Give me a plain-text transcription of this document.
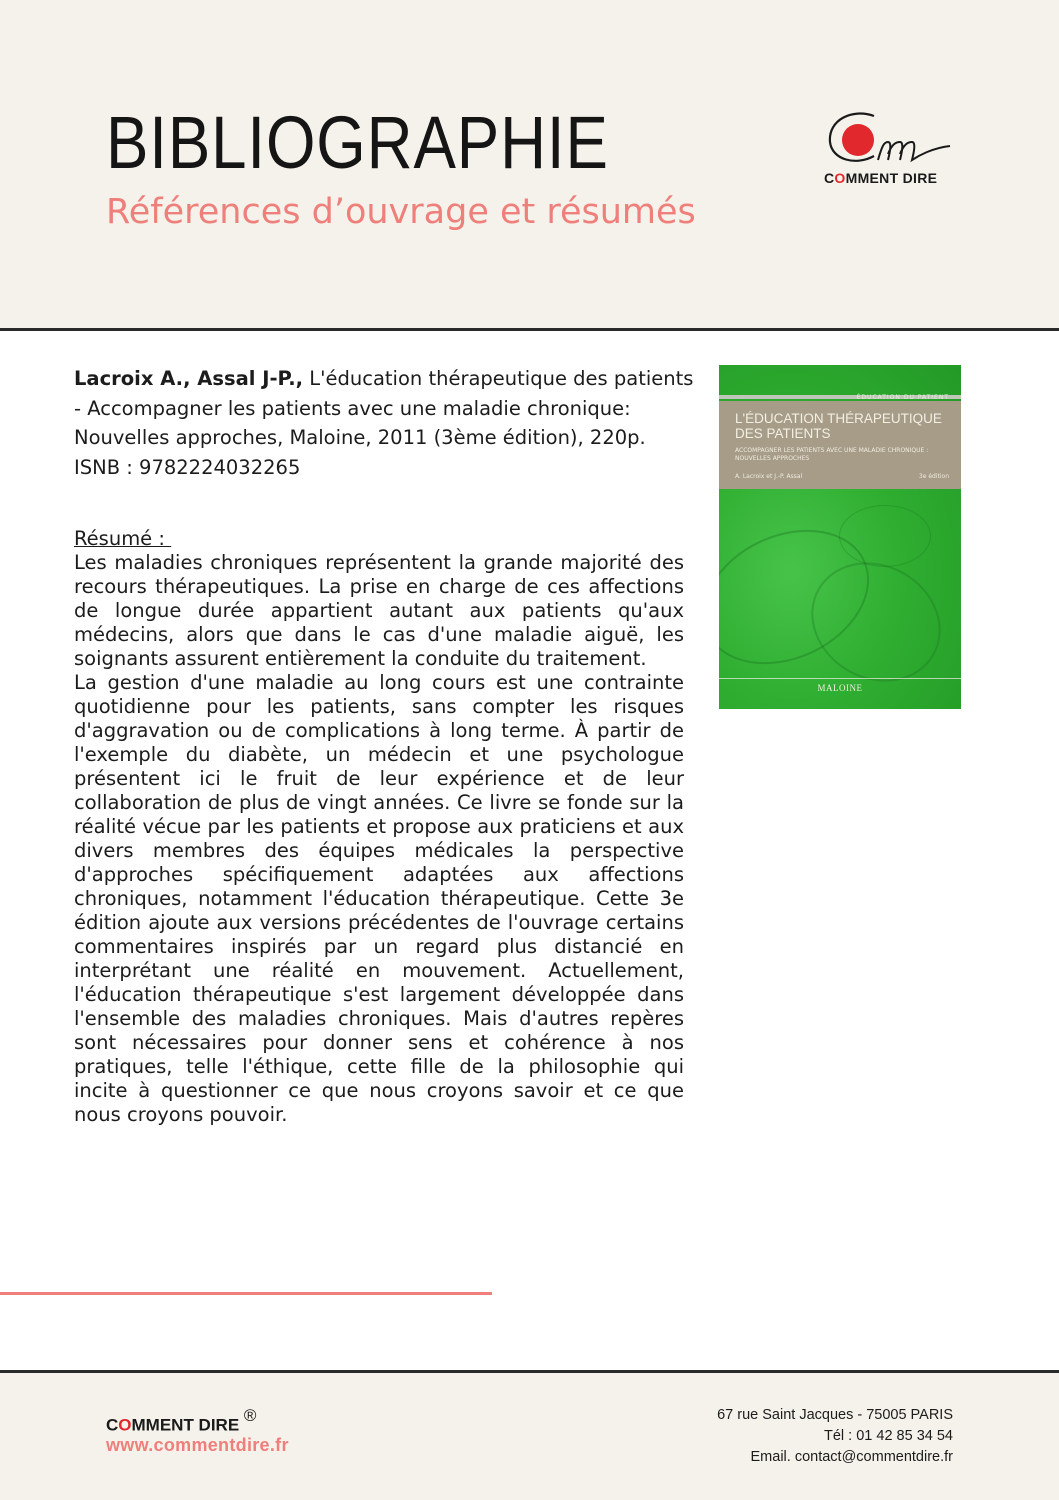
BIBLIOGRAPHIE
Références d’ouvrage et résumés
COMMENT DIRE
Lacroix A., Assal J-P., L'éducation thérapeutique des patients
- Accompagner les patients avec une maladie chronique:
Nouvelles approches, Maloine, 2011 (3ème édition), 220p.
ISNB : 9782224032265
Résumé :

Les maladies chroniques représentent la grande majorité des recours thérapeutiques. La prise en charge de ces affections de longue durée appartient autant aux patients qu'aux médecins, alors que dans le cas d'une maladie aiguë, les soignants assurent entièrement la conduite du traitement.

La gestion d'une maladie au long cours est une contrainte quotidienne pour les patients, sans compter les risques d'aggravation ou de complications à long terme. À partir de l'exemple du diabète, un médecin et une psychologue présentent ici le fruit de leur expérience et de leur collaboration de plus de vingt années. Ce livre se fonde sur la réalité vécue par les patients et propose aux praticiens et aux divers membres des équipes médicales la perspective d'approches spécifiquement adaptées aux affections chroniques, notamment l'éducation thérapeutique. Cette 3e édition ajoute aux versions précédentes de l'ouvrage certains commentaires inspirés par un regard plus distancié en interprétant une réalité en mouvement. Actuellement, l'éducation thérapeutique s'est largement développée dans l'ensemble des maladies chroniques. Mais d'autres repères sont nécessaires pour donner sens et cohérence à nos pratiques, telle l'éthique, cette fille de la philosophie qui incite à questionner ce que nous croyons savoir et ce que nous croyons pouvoir.

ÉDUCATION DU PATIENT
L'ÉDUCATION THÉRAPEUTIQUE DES PATIENTS
ACCOMPAGNER LES PATIENTS AVEC UNE MALADIE CHRONIQUE : NOUVELLES APPROCHES
A. Lacroix et J.-P. Assal	3e édition
MALOINE
COMMENT DIRE ®
www.commentdire.fr
67 rue Saint Jacques - 75005 PARIS
Tél : 01 42 85 34 54
Email. contact@commentdire.fr
